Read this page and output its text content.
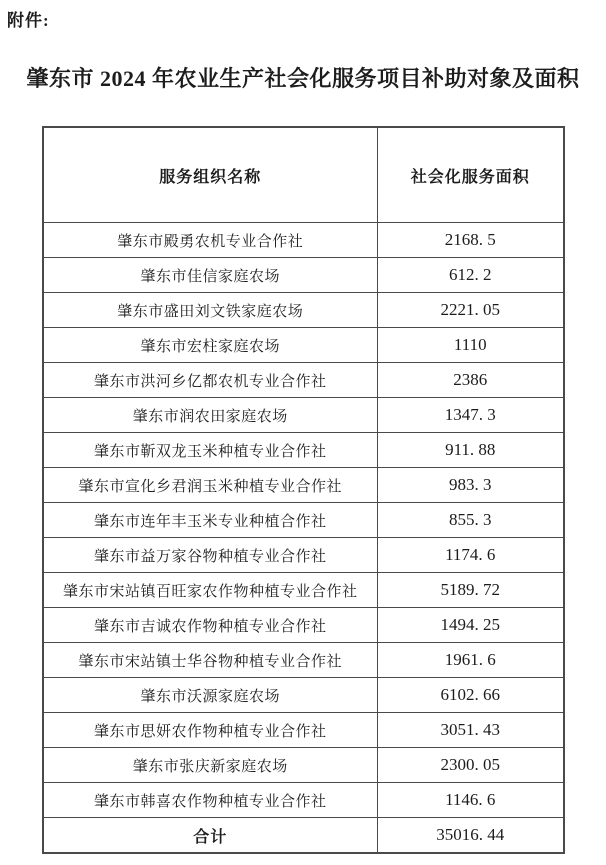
附件:
肇东市 2024 年农业生产社会化服务项目补助对象及面积
服务组织名称	社会化服务面积
肇东市殿勇农机专业合作社	2168. 5
肇东市佳信家庭农场	612. 2
肇东市盛田刘文铁家庭农场	2221. 05
肇东市宏柱家庭农场	1110
肇东市洪河乡亿都农机专业合作社	2386
肇东市润农田家庭农场	1347. 3
肇东市靳双龙玉米种植专业合作社	911. 88
肇东市宣化乡君润玉米种植专业合作社	983. 3
肇东市连年丰玉米专业种植合作社	855. 3
肇东市益万家谷物种植专业合作社	1174. 6
肇东市宋站镇百旺家农作物种植专业合作社	5189. 72
肇东市吉诚农作物种植专业合作社	1494. 25
肇东市宋站镇士华谷物种植专业合作社	1961. 6
肇东市沃源家庭农场	6102. 66
肇东市思妍农作物种植专业合作社	3051. 43
肇东市张庆新家庭农场	2300. 05
肇东市韩喜农作物种植专业合作社	1146. 6
合计	35016. 44
